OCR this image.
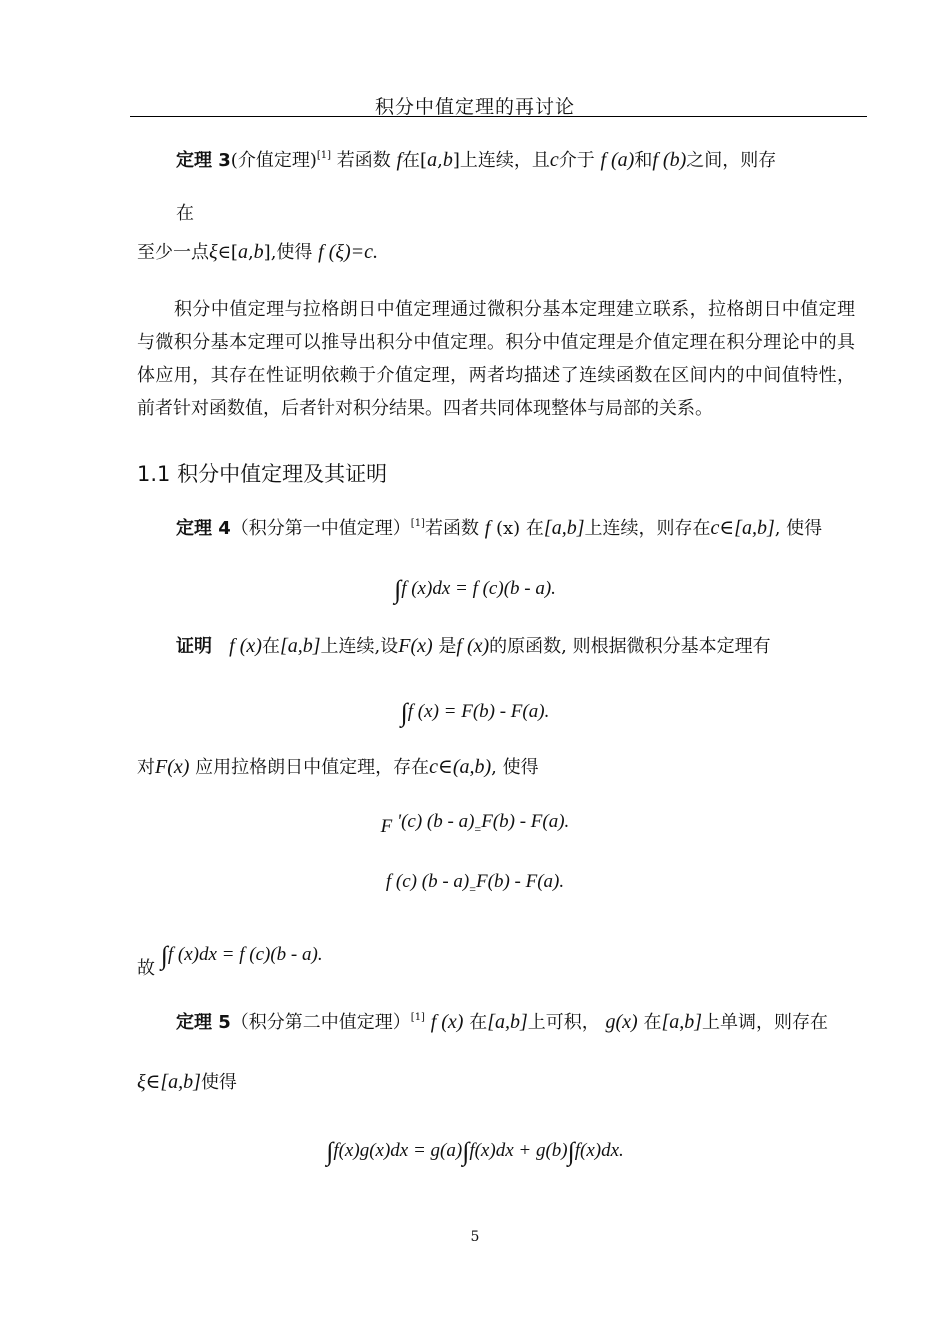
积分中值定理的再讨论
定理 3(介值定理)[1] 若函数 f在[a,b]上连续，且c介于 f (a)和f (b)之间，则存
在
至少一点ξ∈[a,b],使得 f (ξ)=c.
积分中值定理与拉格朗日中值定理通过微积分基本定理建立联系，拉格朗日中值定理与微积分基本定理可以推导出积分中值定理。积分中值定理是介值定理在积分理论中的具体应用，其存在性证明依赖于介值定理，两者均描述了连续函数在区间内的中间值特性，前者针对函数值，后者针对积分结果。四者共同体现整体与局部的关系。
1.1 积分中值定理及其证明
定理 4（积分第一中值定理）[1]若函数 f (x) 在[a,b]上连续，则存在c∈[a,b], 使得
∫f (x)dx = f (c)(b - a).
证明 f (x)在[a,b]上连续,设F(x) 是f (x)的原函数, 则根据微积分基本定理有
∫f (x) = F(b) - F(a).
对F(x) 应用拉格朗日中值定理，存在c∈(a,b), 使得
F '(c) $(b - a)_=F(b) - F(a)$.
f (c) $(b - a)_=F(b) - F(a)$.
故 ∫f (x)dx = f (c)(b - a).
定理 5（积分第二中值定理）[1] f (x) 在[a,b]上可积， g(x) 在[a,b]上单调，则存在
ξ∈[a,b]使得
∫f(x)g(x)dx = g(a)∫f(x)dx + g(b)∫f(x)dx.
5
